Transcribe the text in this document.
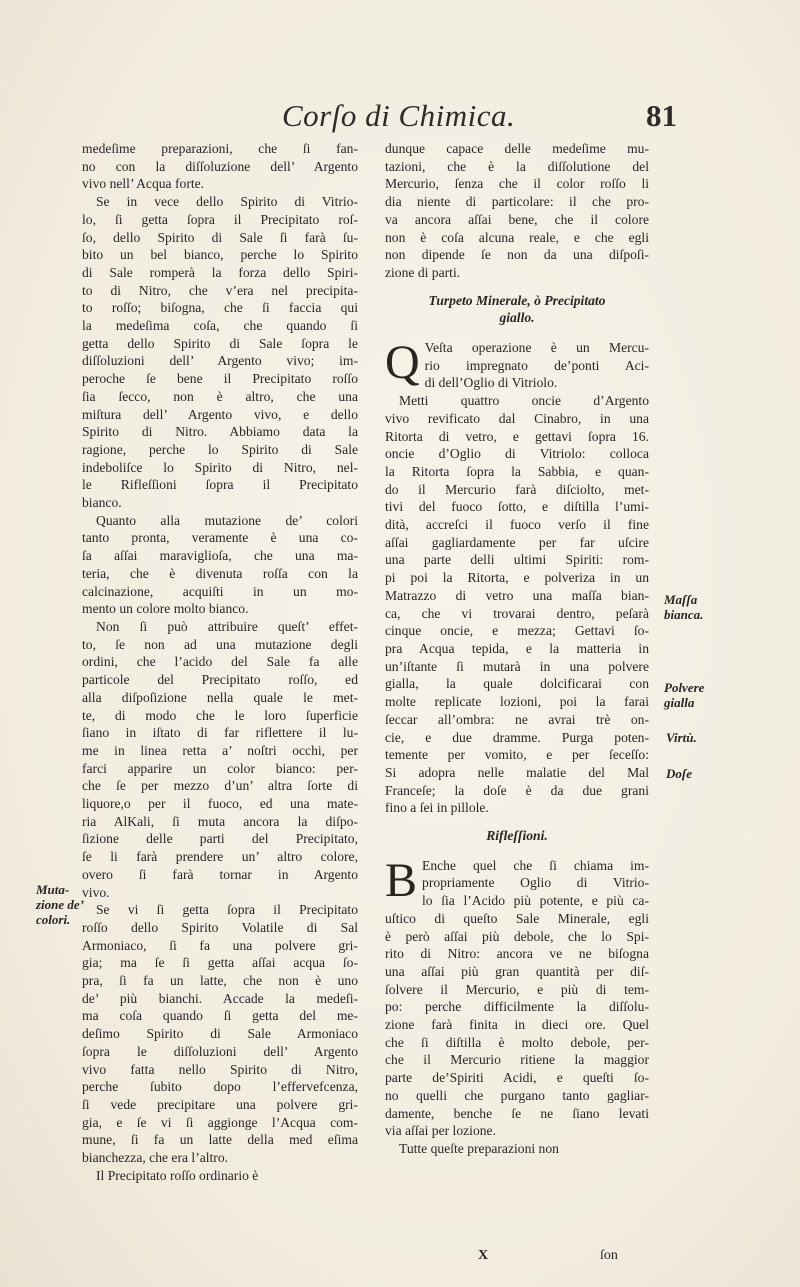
Corſo di Chimica.	81
medeſime preparazioni, che ſi fan-
no con la diſſoluzione dell’ Argento
vivo nell’ Acqua forte.
Se in vece dello Spirito di Vitrio-
lo, ſi getta ſopra il Precipitato roſ-
ſo, dello Spirito di Sale ſi farà ſu-
bito un bel bianco, perche lo Spirito
di Sale romperà la forza dello Spiri-
to di Nitro, che v’era nel precipita-
to roſſo; biſogna, che ſi faccia qui
la medeſima coſa, che quando ſi
getta dello Spirito di Sale ſopra le
diſſoluzioni dell’ Argento vivo; im-
peroche ſe bene il Precipitato roſſo
ſia ſecco, non è altro, che una
miſtura dell’ Argento vivo, e dello
Spirito di Nitro. Abbiamo data la
ragione, perche lo Spirito di Sale
indeboliſce lo Spirito di Nitro, nel-
le Rifleſſioni ſopra il Precipitato
bianco.
Quanto alla mutazione de’ colori
tanto pronta, veramente è una co-
ſa aſſai maraviglioſa, che una ma-
teria, che è divenuta roſſa con la
calcinazione, acquiſti in un mo-
mento un colore molto bianco.
Non ſi può attribuire queſt’ effet-
to, ſe non ad una mutazione degli
ordini, che l’acido del Sale fa alle
particole del Precipitato roſſo, ed
alla diſpoſizione nella quale le met-
te, di modo che le loro ſuperficie
ſiano in iſtato di far riflettere il lu-
me in linea retta a’ noſtri occhi, per
farci apparire un color bianco: per-
che ſe per mezzo d’un’ altra ſorte di
liquore,o per il fuoco, ed una mate-
ria AlKali, ſi muta ancora la diſpo-
ſizione delle parti del Precipitato,
ſe li farà prendere un’ altro colore,
overo ſi farà tornar in Argento
vivo.
Se vi ſi getta ſopra il Precipitato
roſſo dello Spirito Volatile di Sal
Armoniaco, ſi fa una polvere gri-
gia; ma ſe ſi getta aſſai acqua ſo-
pra, ſi fa un latte, che non è uno
de’ più bianchi. Accade la medeſi-
ma coſa quando ſi getta del me-
deſimo Spirito di Sale Armoniaco
ſopra le diſſoluzioni dell’ Argento
vivo fatta nello Spirito di Nitro,
perche ſubito dopo l’effervefcenza,
ſi vede precipitare una polvere gri-
gia, e ſe vi ſi aggionge l’Acqua com-
mune, ſi fa un latte della med eſima
bianchezza, che era l’altro.
Il Precipitato roſſo ordinario è
Muta-
zione de’
colori.
dunque capace delle medeſime mu-
tazioni, che è la diſſolutione del
Mercurio, ſenza che il color roſſo li
dia niente di particolare: il che pro-
va ancora aſſai bene, che il colore
non è coſa alcuna reale, e che egli
non dipende ſe non da una diſpoſi-
zione di parti.
Turpeto Minerale, ò Precipitato
giallo.
Q Veſta operazione è un Mercu-
rio impregnato de’ponti Aci-
di dell’Oglio di Vitriolo.
Metti quattro oncie d’Argento
vivo revificato dal Cinabro, in una
Ritorta di vetro, e gettavi ſopra 16.
oncie d’Oglio di Vitriolo: colloca
la Ritorta ſopra la Sabbia, e quan-
do il Mercurio farà diſciolto, met-
tivi del fuoco ſotto, e diſtilla l’umi-
dità, accreſci il fuoco verſo il fine
aſſai gagliardamente per far uſcire
una parte delli ultimi Spiriti: rom-
pi poi la Ritorta, e polveriza in un
Matrazzo di vetro una maſſa bian-
ca, che vi trovarai dentro, peſarà
cinque oncie, e mezza; Gettavi ſo-
pra Acqua tepida, e la matteria in
un’iſtante ſi mutarà in una polvere
gialla, la quale dolcificarai con
molte replicate lozioni, poi la farai
ſeccar all’ombra: ne avrai trè on-
cie, e due dramme. Purga poten-
temente per vomito, e per ſeceſſo:
Si adopra nelle malatie del Mal
Franceſe; la doſe è da due grani
fino a ſei in pillole.
Rifleſſioni.
B Enche quel che ſi chiama im-
propriamente Oglio di Vitrio-
lo ſia l’Acido più potente, e più ca-
uſtico di queſto Sale Minerale, egli
è però aſſai più debole, che lo Spi-
rito di Nitro: ancora ve ne biſogna
una aſſai più gran quantità per diſ-
ſolvere il Mercurio, e più di tem-
po: perche difficilmente la diſſolu-
zione farà finita in dieci ore. Quel
che ſi diſtilla è molto debole, per-
che il Mercurio ritiene la maggior
parte de’Spiriti Acidi, e queſti ſo-
no quelli che purgano tanto gagliar-
damente, benche ſe ne ſiano levati
via aſſai per lozione.
Tutte queſte preparazioni non
Maſſa
bianca.
Polvere
gialla
Virtù.
Doſe
X	ſon
